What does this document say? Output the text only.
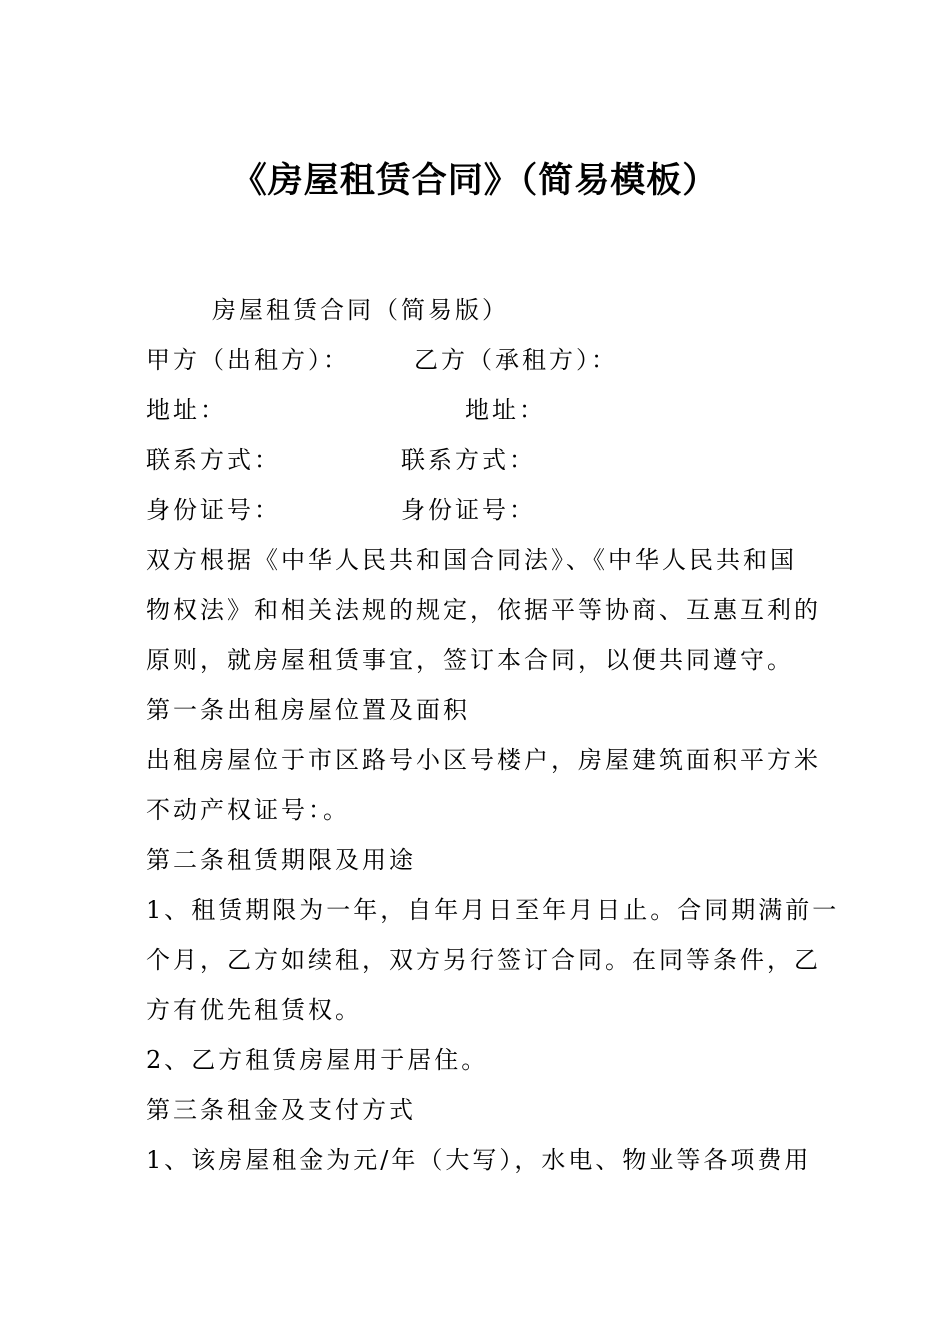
《房屋租赁合同》（简易模板）
房屋租赁合同（简易版）
甲方（出租方）：	乙方（承租方）：
地址：	地址：
联系方式：	联系方式：
身份证号：	身份证号：
双方根据《中华人民共和国合同法》、《中华人民共和国
物权法》和相关法规的规定，依据平等协商、互惠互利的
原则，就房屋租赁事宜，签订本合同，以便共同遵守。
第一条出租房屋位置及面积
出租房屋位于市区路号小区号楼户，房屋建筑面积平方米
不动产权证号：。
第二条租赁期限及用途
1、租赁期限为一年，自年月日至年月日止。合同期满前一
个月，乙方如续租，双方另行签订合同。在同等条件，乙
方有优先租赁权。
2、乙方租赁房屋用于居住。
第三条租金及支付方式
1、该房屋租金为元/年（大写），水电、物业等各项费用
